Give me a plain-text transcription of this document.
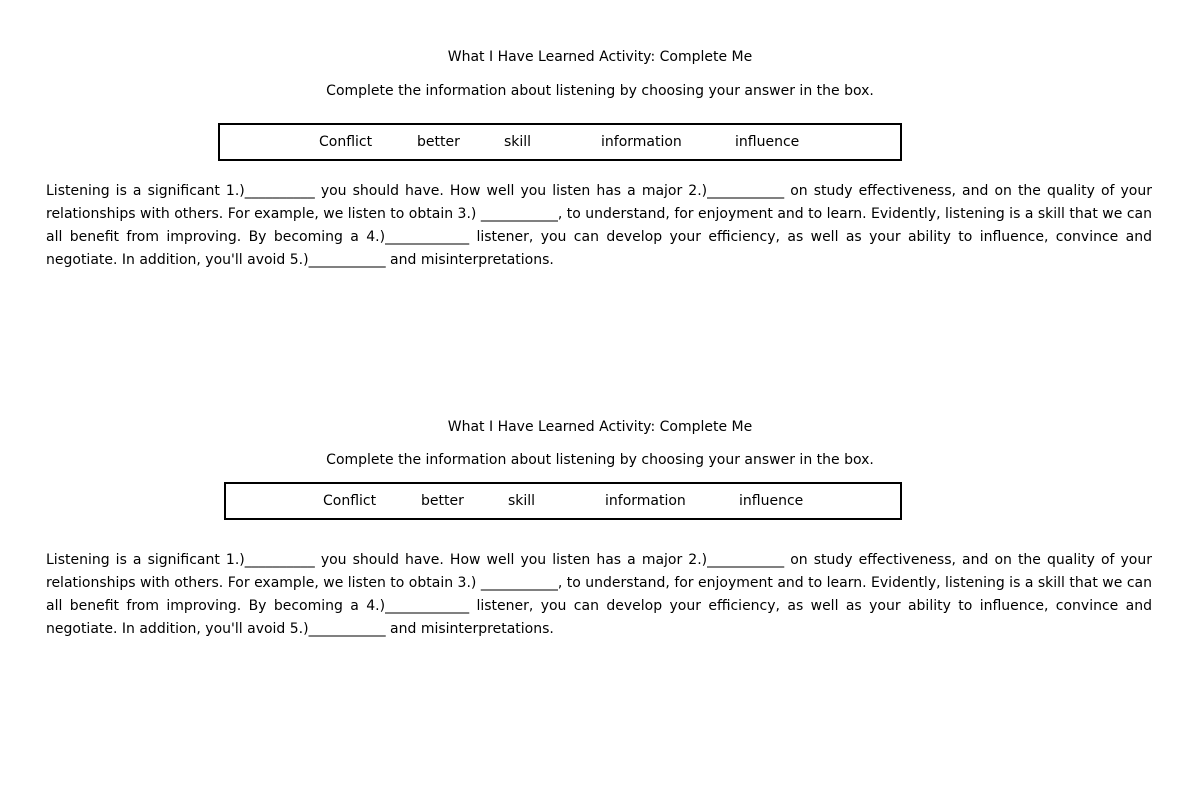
What I Have Learned Activity: Complete Me
Complete the information about listening by choosing your answer in the box.
Conflict	better	skill	information	influence
Listening is a significant 1.)__________ you should have. How well you listen has a major 2.)___________ on study effectiveness, and on the quality of your relationships with others. For example, we listen to obtain 3.) ___________, to understand, for enjoyment and to learn. Evidently, listening is a skill that we can all benefit from improving. By becoming a 4.)____________ listener, you can develop your efficiency, as well as your ability to influence, convince and negotiate. In addition, you'll avoid 5.)___________ and misinterpretations.
What I Have Learned Activity: Complete Me
Complete the information about listening by choosing your answer in the box.
Conflict	better	skill	information	influence
Listening is a significant 1.)__________ you should have. How well you listen has a major 2.)___________ on study effectiveness, and on the quality of your relationships with others. For example, we listen to obtain 3.) ___________, to understand, for enjoyment and to learn. Evidently, listening is a skill that we can all benefit from improving. By becoming a 4.)____________ listener, you can develop your efficiency, as well as your ability to influence, convince and negotiate. In addition, you'll avoid 5.)___________ and misinterpretations.
